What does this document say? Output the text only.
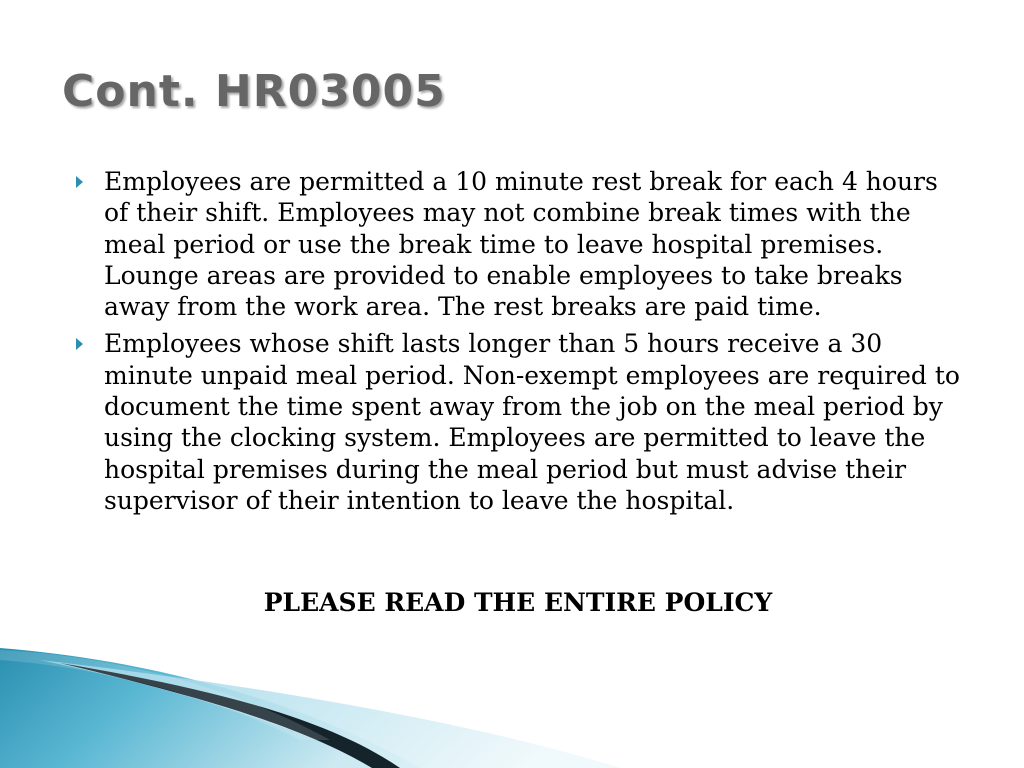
Cont. HR03005

Employees are permitted a 10 minute rest break for each 4 hours of their shift. Employees may not combine break times with the meal period or use the break time to leave hospital premises. Lounge areas are provided to enable employees to take breaks away from the work area. The rest breaks are paid time.

Employees whose shift lasts longer than 5 hours receive a 30 minute unpaid meal period. Non-exempt employees are required to document the time spent away from the job on the meal period by using the clocking system. Employees are permitted to leave the hospital premises during the meal period but must advise their supervisor of their intention to leave the hospital.

PLEASE READ THE ENTIRE POLICY
